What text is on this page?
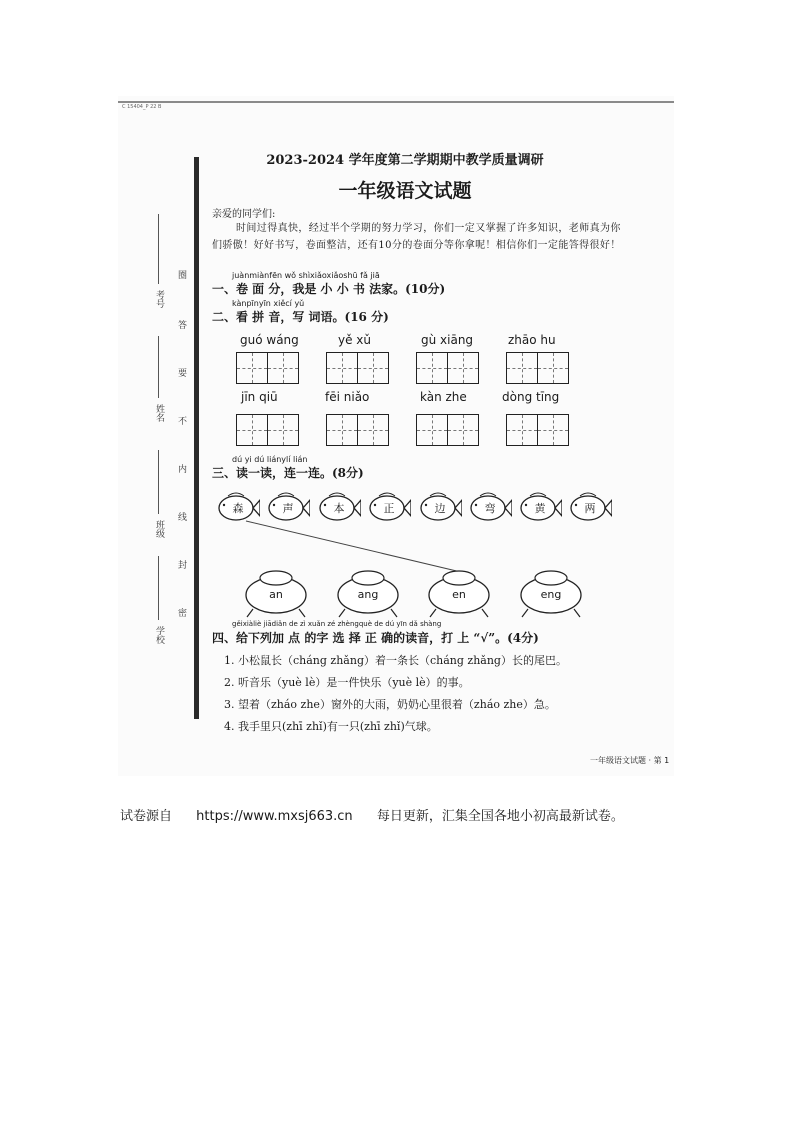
C 15404_P 22 B
考号
姓名
班级
学校
圈
答
要
不
内
线
封
密
2023-2024 学年度第二学期期中教学质量调研
一年级语文试题
亲爱的同学们:
时间过得真快，经过半个学期的努力学习，你们一定又掌握了许多知识，老师真为你们骄傲！好好书写，卷面整洁，还有10分的卷面分等你拿呢！相信你们一定能答得很好！
juànmiànfēn wǒ shìxiǎoxiǎoshū fǎ jiā
一、卷 面 分，我是 小 小 书 法家。(10分)
kànpīnyīn xiěcí yǔ
二、看 拼 音，写 词语。(16 分)
guó wáng	yě xǔ	gù xiāng	zhāo hu
jīn qiū	fēi niǎo	kàn zhe	dòng tīng
dú yi dú liánylí lián
三、读一读，连一连。(8分)
森	声	本	正	边	弯	黄	两
an	ang	en	eng
gěixiàliè jiādiǎn de zì xuǎn zé zhèngquè de dú yīn dǎ shàng
四、给下列加 点 的字 选 择 正 确的读音，打 上 “√”。(4分)
1. 小松鼠长（cháng zhǎng）着一条长（cháng zhǎng）长的尾巴。
2. 听音乐（yuè lè）是一件快乐（yuè lè）的事。
3. 望着（zháo zhe）窗外的大雨，奶奶心里很着（zháo zhe）急。
4. 我手里只(zhī zhǐ)有一只(zhī zhǐ)气球。
一年级语文试题 · 第 1
试卷源自 https://www.mxsj663.cn 每日更新，汇集全国各地小初高最新试卷。
